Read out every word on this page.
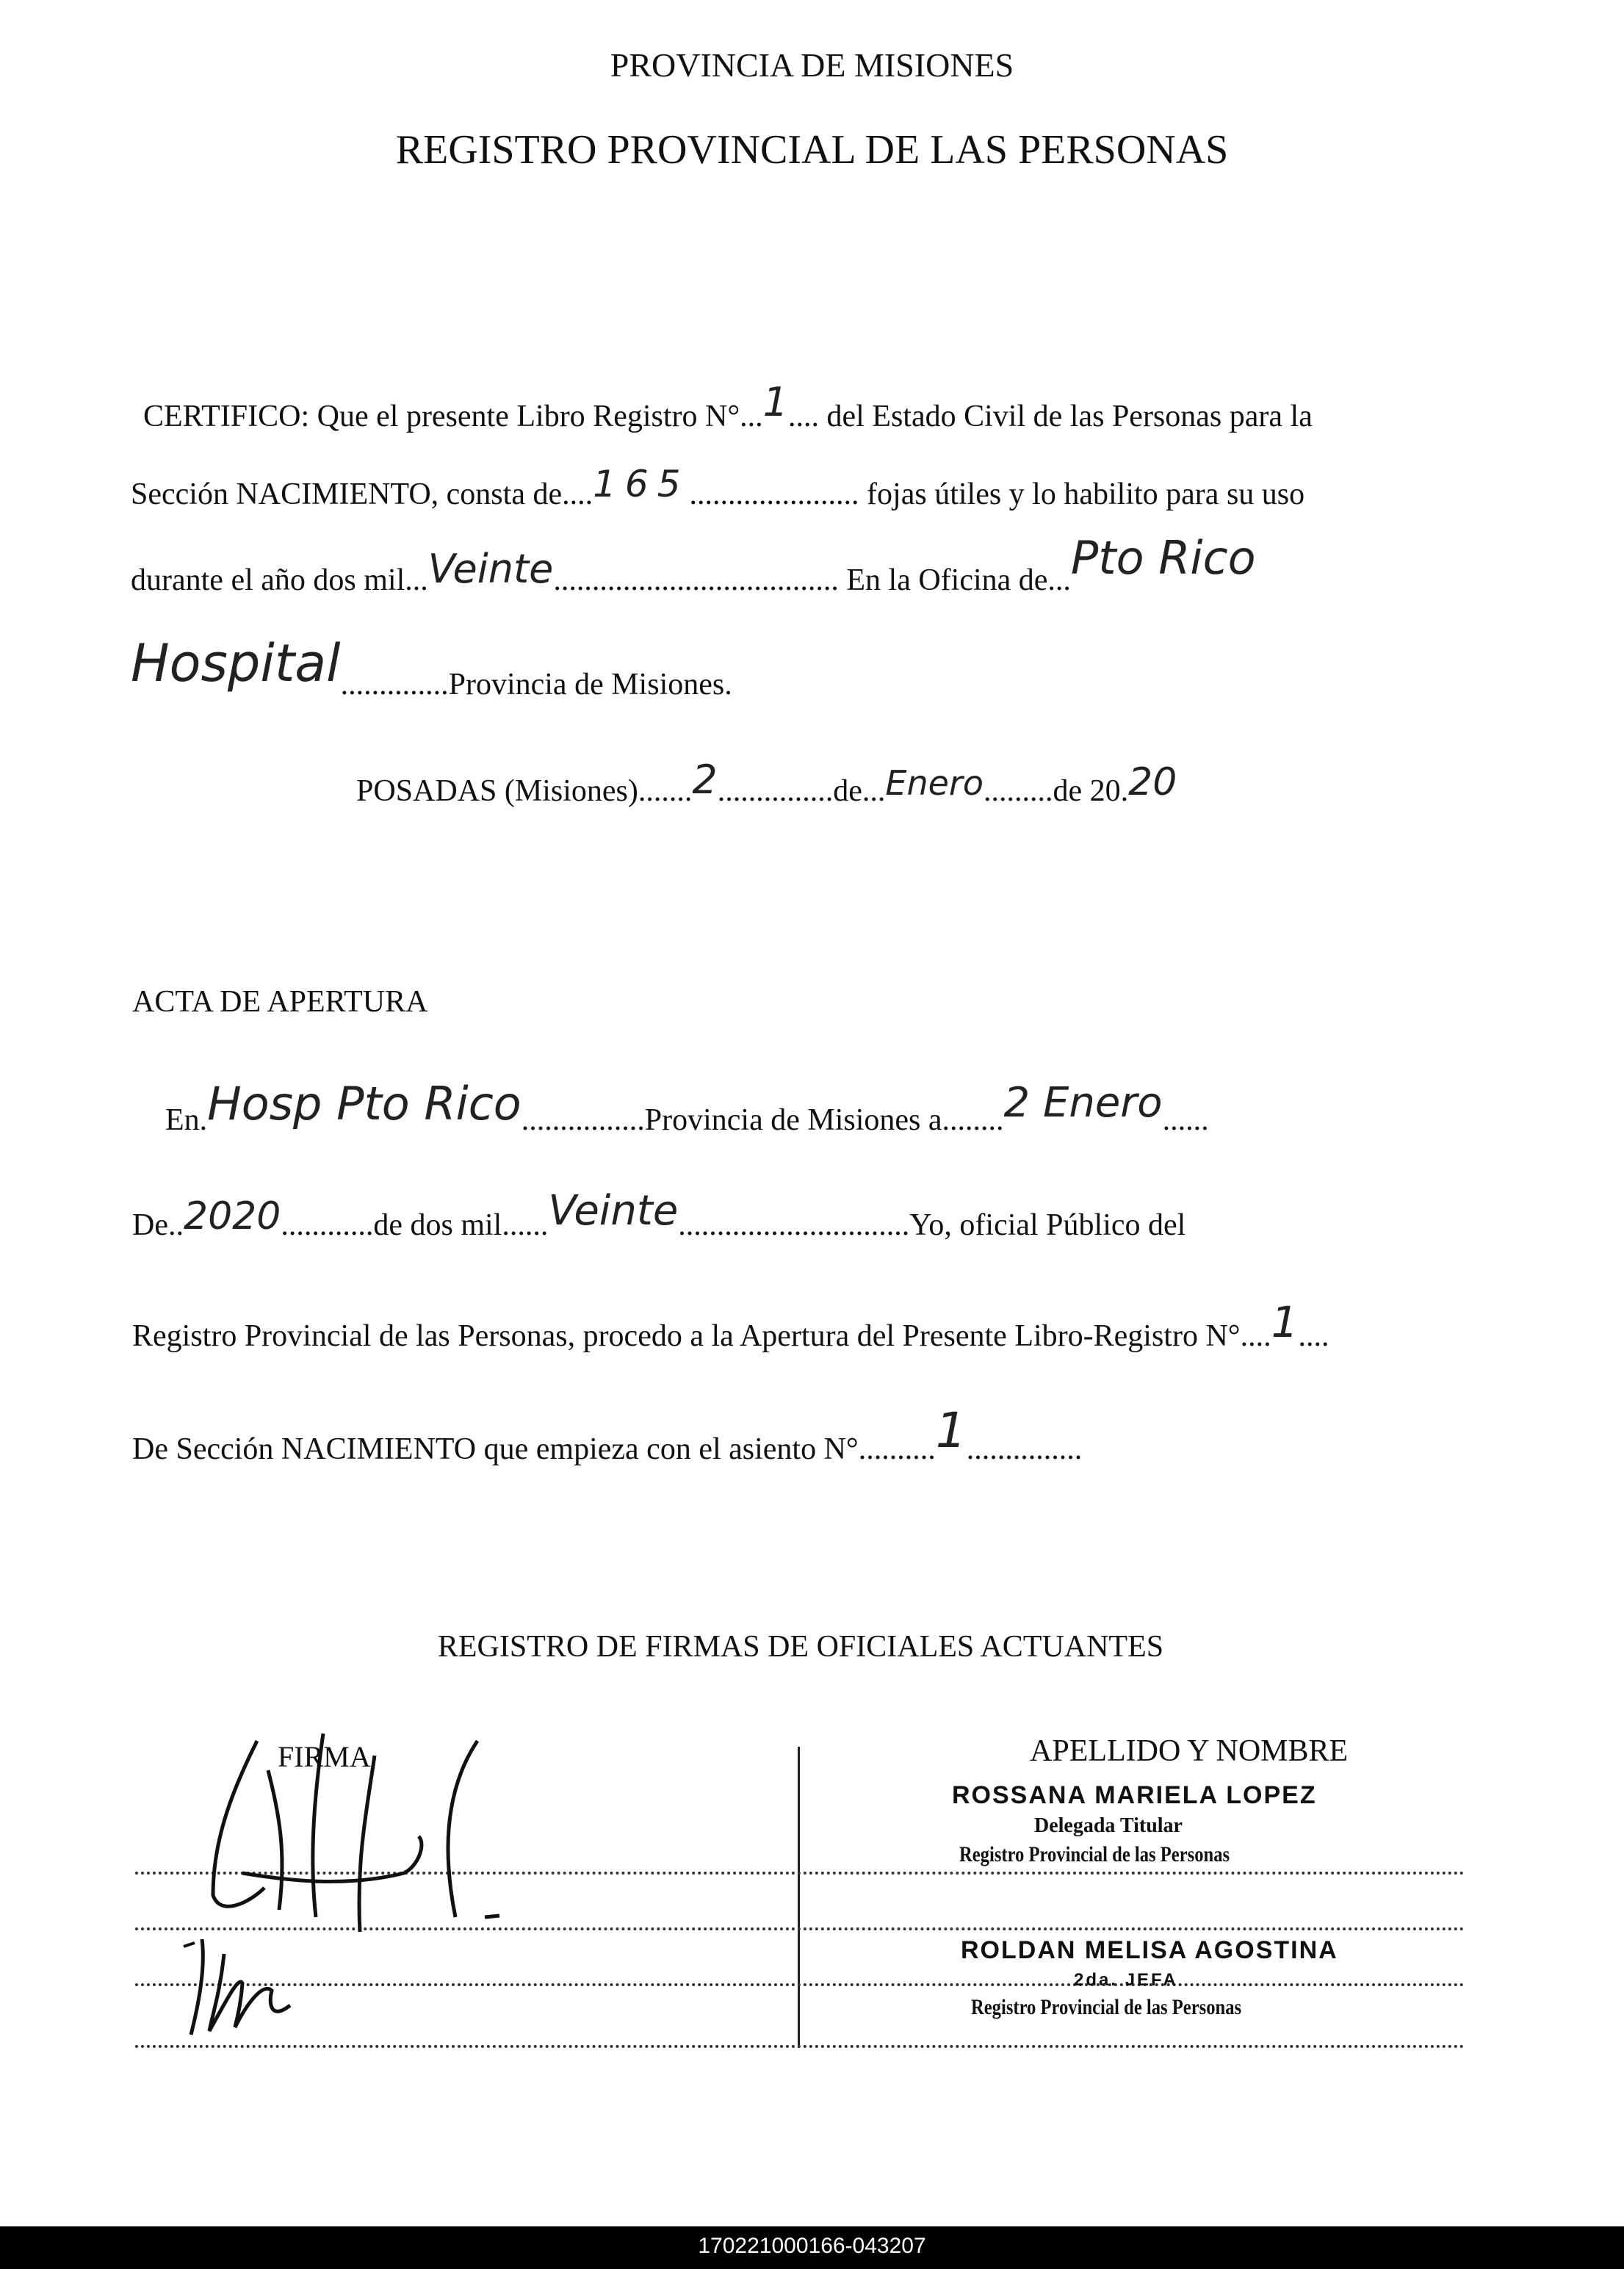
PROVINCIA DE MISIONES
REGISTRO PROVINCIAL DE LAS PERSONAS
CERTIFICO: Que el presente Libro Registro N°...1.... del Estado Civil de las Personas para la
Sección NACIMIENTO, consta de....165...................... fojas útiles y lo habilito para su uso
durante el año dos mil...Veinte..................................... En la Oficina de...Pto Rico
Hospital..............Provincia de Misiones.
POSADAS (Misiones).......2...............de...Enero.........de 20.20
ACTA DE APERTURA
En.Hosp Pto Rico................Provincia de Misiones a........2 Enero......
De..2020............de dos mil......Veinte..............................Yo, oficial Público del
Registro Provincial de las Personas, procedo a la Apertura del Presente Libro-Registro N°....1....
De Sección NACIMIENTO que empieza con el asiento N°..........1...............
REGISTRO DE FIRMAS DE OFICIALES ACTUANTES
FIRMA	APELLIDO Y NOMBRE
ROSSANA MARIELA LOPEZ
Delegada Titular
Registro Provincial de las Personas
ROLDAN MELISA AGOSTINA
2da. JEFA
Registro Provincial de las Personas
170221000166-043207
